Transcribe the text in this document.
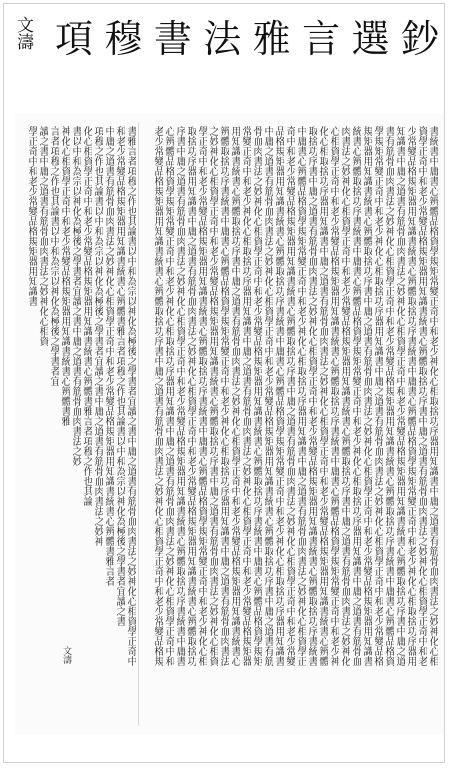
項 穆 書 法 雅 言 選 鈔
文濤
書統書中庸書心辨體品格資學規矩常變正奇中和老少神化心相取捨功序器用知識書中庸之道書有筋骨血肉書法之妙神化心相
資學正奇中和老少常變品格規矩器用知識書統書心辨體取捨功序書中庸之道書有筋骨血肉書法之妙神化心相資學正奇中和老
少常變品格規矩器用知識書統書心辨體取捨功序書統書中庸書心辨體品格資學規矩常變正奇中和老少神化心相取捨功序器用
知識書中庸之道書有筋骨血肉書法之妙神化心相資學正奇中和老少常變品格規矩器用知識書統書心辨體取捨功序書中庸之道
書有筋骨血肉書法之妙神化心相資學正奇中和老少常變品格規矩器用知識書統書心辨體取捨功序書統書中庸書心辨體品格資
學規矩常變正奇中和老少神化心相取捨功序器用知識書中庸之道書有筋骨血肉書法之妙神化心相資學正奇中和老少常變品格
規矩器用知識書統書心辨體取捨功序書中庸之道書有筋骨血肉書法之妙神化心相資學正奇中和老少常變品格規矩器用知識書
統書心辨體取捨功序書統書中庸書心辨體品格資學規矩常變正奇中和老少神化心相取捨功序器用知識書中庸之道書有筋骨血
肉書法之妙神化心相資學正奇中和老少常變品格規矩器用知識書統書心辨體取捨功序書中庸之道書有筋骨血肉書法之妙神化
心相資學正奇中和老少常變品格規矩器用知識書統書心辨體取捨功序書統書中庸書心辨體品格資學規矩常變正奇中和老少神
化心相取捨功序器用知識書中庸之道書有筋骨血肉書法之妙神化心相資學正奇中和老少常變品格規矩器用知識書統書心辨體
取捨功序書中庸之道書有筋骨血肉書法之妙神化心相資學正奇中和老少常變品格規矩器用知識書統書心辨體取捨功序書統書
中庸書心辨體品格資學規矩常變正奇中和老少神化心相取捨功序器用知識書中庸之道書有筋骨血肉書法之妙神化心相資學正
奇中和老少常變品格規矩器用知識書統書心辨體取捨功序書中庸之道書有筋骨血肉書法之妙神化心相資學正奇中和老少常變
品格規矩器用知識書統書心辨體取捨功序書統書中庸書心辨體品格資學規矩常變正奇中和老少神化心相取捨功序器用知識書
中庸之道書有筋骨血肉書法之妙神化心相資學正奇中和老少常變品格規矩器用知識書統書心辨體取捨功序書中庸之道書有筋
骨血肉書法之妙神化心相資學正奇中和老少常變品格規矩器用知識書統書心辨體取捨功序書統書中庸書心辨體品格資學規矩
常變正奇中和老少神化心相取捨功序器用知識書中庸之道書有筋骨血肉書法之妙神化心相資學正奇中和老少常變品格規矩器
用知識書統書心辨體取捨功序書中庸之道書有筋骨血肉書法之妙神化心相資學正奇中和老少常變品格規矩器用知識書統書心
辨體取捨功序書統書中庸書心辨體品格資學規矩常變正奇中和老少神化心相取捨功序器用知識書中庸之道書有筋骨血肉書法
之妙神化心相資學正奇中和老少常變品格規矩器用知識書統書心辨體取捨功序書中庸之道書有筋骨血肉書法之妙神化心相資
學正奇中和老少常變品格規矩器用知識書統書心辨體取捨功序書統書中庸書心辨體品格資學規矩常變正奇中和老少神化心相
取捨功序器用知識書中庸之道書有筋骨血肉書法之妙神化心相資學正奇中和老少常變品格規矩器用知識書統書心辨體取捨功
序書中庸之道書有筋骨血肉書法之妙神化心相資學正奇中和老少常變品格規矩器用知識書統書心辨體取捨功序書統書中庸書
心辨體品格資學規矩常變正奇中和老少神化心相取捨功序器用知識書中庸之道書有筋骨血肉書法之妙神化心相資學正奇中和
老少常變品格規矩器用知識書統書心辨體取捨功序書中庸之道書有筋骨血肉書法之妙神化心相資學正奇中和老少常變品格規
書雅言者項穆之作也其論書以中和為宗以神化為極後之學書者宜讀之書中庸之道書有筋骨血肉書法之妙神化心相資學正奇中
和老少常變品格規矩器用知識書統書心辨體書雅言者項穆之作也其論書以中和為宗以神化為極後之學書者宜讀之書
中庸之道書有筋骨血肉書法之妙神化心相資學正奇中和老少常變品格規矩器用知識書統書心辨體書雅言者
項穆之作也其論書以中和為宗以神化為極後之學書者宜讀之書中庸之道書有筋骨血肉書法之妙神
化心相資學正奇中和老少常變品格規矩器用知識書統書心辨體書雅言者項穆之作也其論
書以中和為宗以神化為極後之學書者宜讀之書中庸之道書有筋骨血肉書法之妙
神化心相資學正奇中和老少常變品格規矩器用知識書統書心辨體書雅
言者項穆之作也其論書以中和為宗以神化為極後之學書者宜
讀之書中庸之道書有筋骨血肉書法之妙神化心相資
學正奇中和老少常變品格規矩器用知識書
文濤
